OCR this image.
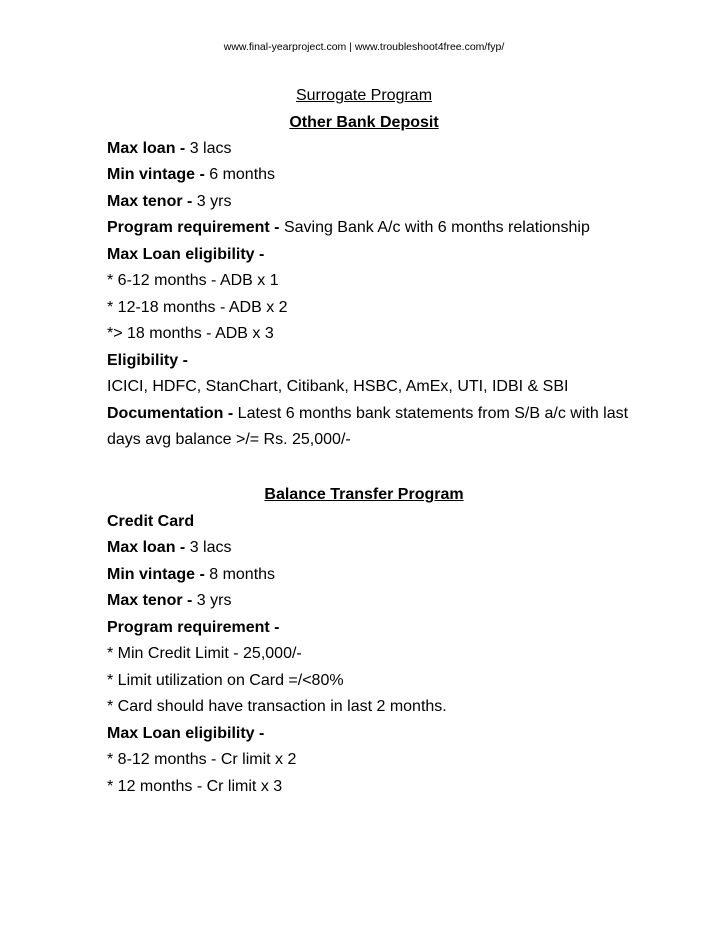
www.final-yearproject.com | www.troubleshoot4free.com/fyp/
Surrogate Program
Other Bank Deposit
Max loan - 3 lacs
Min vintage - 6 months
Max tenor - 3 yrs
Program requirement - Saving Bank A/c with 6 months relationship
Max Loan eligibility -
* 6-12 months - ADB x 1
* 12-18 months - ADB x 2
*> 18 months - ADB x 3
Eligibility -
ICICI, HDFC, StanChart, Citibank, HSBC, AmEx, UTI, IDBI & SBI
Documentation - Latest 6 months bank statements from S/B a/c with last
days avg balance >/= Rs. 25,000/-
Balance Transfer Program
Credit Card
Max loan - 3 lacs
Min vintage - 8 months
Max tenor - 3 yrs
Program requirement -
* Min Credit Limit - 25,000/-
* Limit utilization on Card =/<80%
* Card should have transaction in last 2 months.
Max Loan eligibility -
* 8-12 months - Cr limit x 2
* 12 months - Cr limit x 3
